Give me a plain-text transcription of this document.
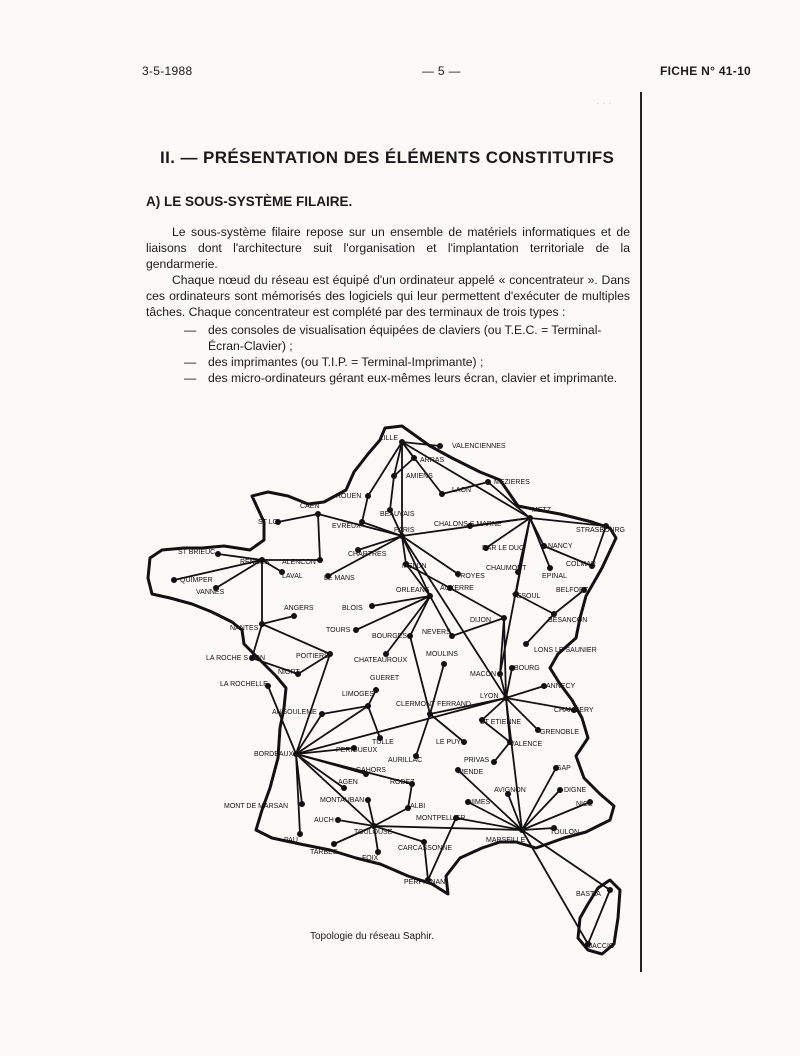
3-5-1988	— 5 —	FICHE N° 41-10
II. — PRÉSENTATION DES ÉLÉMENTS CONSTITUTIFS
A) LE SOUS-SYSTÈME FILAIRE.
Le sous-système filaire repose sur un ensemble de matériels informatiques et de liaisons dont l'architecture suit l'organisation et l'implantation territoriale de la gendarmerie.
Chaque nœud du réseau est équipé d'un ordinateur appelé « concentrateur ». Dans ces ordinateurs sont mémorisés des logiciels qui leur permettent d'exécuter de multiples tâches. Chaque concentrateur est complété par des terminaux de trois types :
— des consoles de visualisation équipées de claviers (ou T.E.C. = Terminal-Écran-Clavier) ;
— des imprimantes (ou T.I.P. = Terminal-Imprimante) ;
— des micro-ordinateurs gérant eux-mêmes leurs écran, clavier et imprimante.
LILLE
VALENCIENNES
ARRAS
AMIENS
MEZIERES
LAON
ROUEN
CAEN
BEAUVAIS
METZ
STRASBOURG
ST LO
EVREUX
PARIS
CHALONS S MARNE
BAR LE DUC	NANCY
ST BRIEUC
RENNES ALENCON
CHARTRES
MELUN	CHAUMONT
EPINAL
COLMAR
QUIMPER
VANNES
LAVAL	LE MANS	TROYES
AUXERRE
VESOUL
BELFORT
ANGERS	BLOIS
ORLEANS
BESANCON
NANTES	TOURS
BOURGES
NEVERS
DIJON
LA ROCHE S YON	POITIERS
CHATEAUROUX
MOULINS
LONS LE SAUNIER
NIORT	MACON
BOURG
LA ROCHELLE
GUERET
ANNECY
LIMOGES
CLERMONT FERRAND
LYON
CHAMBERY
ANGOULEME
ST ETIENNE
GRENOBLE
TULLE	LE PUY	VALENCE
BORDEAUX
PERIGUEUX
AURILLAC	PRIVAS
CAHORS	MENDE
GAP
AGEN	RODEZ
DIGNE
MONTAUBAN
AVIGNON
MONT DE MARSAN	ALBI
NIMES	NICE
AUCH	MONTPELLIER
TOULOUSE
MARSEILLE
TOULON
PAU
TARBES
FOIX
CARCASSONNE
PERPIGNAN
BASTIA
AJACCIO
Topologie du réseau Saphir.
· · ·
